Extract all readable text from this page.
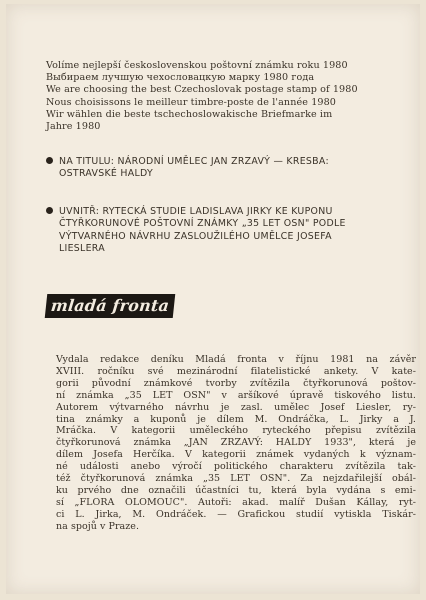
Volíme nejlepší československou poštovní známku roku 1980
Выбираем лучшую чехословацкую марку 1980 года
We are choosing the best Czechoslovak postage stamp of 1980
Nous choisissons le meilleur timbre-poste de l'année 1980
Wir wählen die beste tschechoslowakische Briefmarke im
Jahre 1980
NA TITULU: NÁRODNÍ UMĚLEC JAN ZRZAVÝ — KRESBA:
OSTRAVSKÉ HALDY
UVNITŘ: RYTECKÁ STUDIE LADISLAVA JIRKY KE KUPONU
ČTYŘKORUNOVÉ POŠTOVNÍ ZNÁMKY „35 LET OSN" PODLE
VÝTVARNÉHO NÁVRHU ZASLOUŽILÉHO UMĚLCE JOSEFA
LIESLERA
mladá fronta
Vydala redakce deníku Mladá fronta v říjnu 1981 na závěr
XVIII. ročníku své mezinárodní filatelistické ankety. V kate-
gorii původní známkové tvorby zvítězila čtyřkorunová poštov-
ní známka „35 LET OSN" v aršíkové úpravě tiskového listu.
Autorem výtvarného návrhu je zasl. umělec Josef Liesler, ry-
tina známky a kuponů je dílem M. Ondráčka, L. Jirky a J.
Mráčka. V kategorii uměleckého ryteckého přepisu zvítězila
čtyřkorunová známka „JAN ZRZAVÝ: HALDY 1933", která je
dílem Josefa Herčíka. V kategorii známek vydaných k význam-
né události anebo výročí politického charakteru zvítězila tak-
též čtyřkorunová známka „35 LET OSN". Za nejzdařilejší obál-
ku prvého dne označili účastníci tu, která byla vydána s emi-
sí „FLORA OLOMOUC". Autoři: akad. malíř Dušan Kállay, ryt-
ci L. Jirka, M. Ondráček. — Grafickou studií vytiskla Tiskár-
na spojů v Praze.
